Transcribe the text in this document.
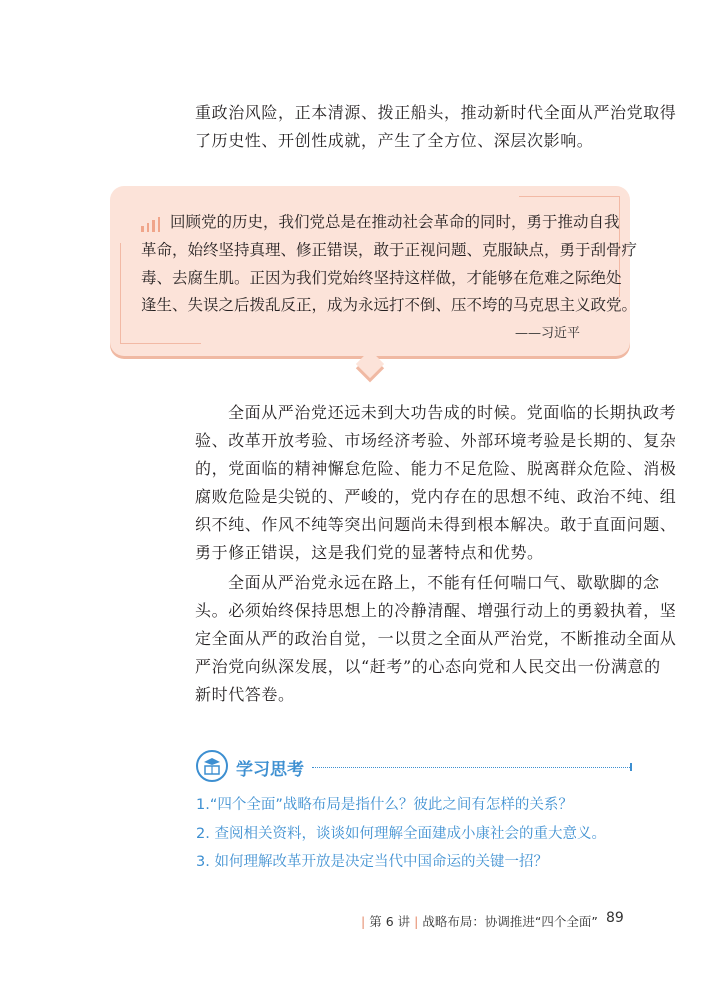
重政治风险，正本清源、拨正船头，推动新时代全面从严治党取得
了历史性、开创性成就，产生了全方位、深层次影响。
回顾党的历史，我们党总是在推动社会革命的同时，勇于推动自我
革命，始终坚持真理、修正错误，敢于正视问题、克服缺点，勇于刮骨疗
毒、去腐生肌。正因为我们党始终坚持这样做，才能够在危难之际绝处
逢生、失误之后拨乱反正，成为永远打不倒、压不垮的马克思主义政党。
——习近平
全面从严治党还远未到大功告成的时候。党面临的长期执政考
验、改革开放考验、市场经济考验、外部环境考验是长期的、复杂
的，党面临的精神懈怠危险、能力不足危险、脱离群众危险、消极
腐败危险是尖锐的、严峻的，党内存在的思想不纯、政治不纯、组
织不纯、作风不纯等突出问题尚未得到根本解决。敢于直面问题、
勇于修正错误，这是我们党的显著特点和优势。
全面从严治党永远在路上，不能有任何喘口气、歇歇脚的念
头。必须始终保持思想上的冷静清醒、增强行动上的勇毅执着，坚
定全面从严的政治自觉，一以贯之全面从严治党，不断推动全面从
严治党向纵深发展，以“赶考”的心态向党和人民交出一份满意的
新时代答卷。
学习思考
1.“四个全面”战略布局是指什么？彼此之间有怎样的关系？
2. 查阅相关资料，谈谈如何理解全面建成小康社会的重大意义。
3. 如何理解改革开放是决定当代中国命运的关键一招？
| 第 6 讲 | 战略布局：协调推进“四个全面” 89
